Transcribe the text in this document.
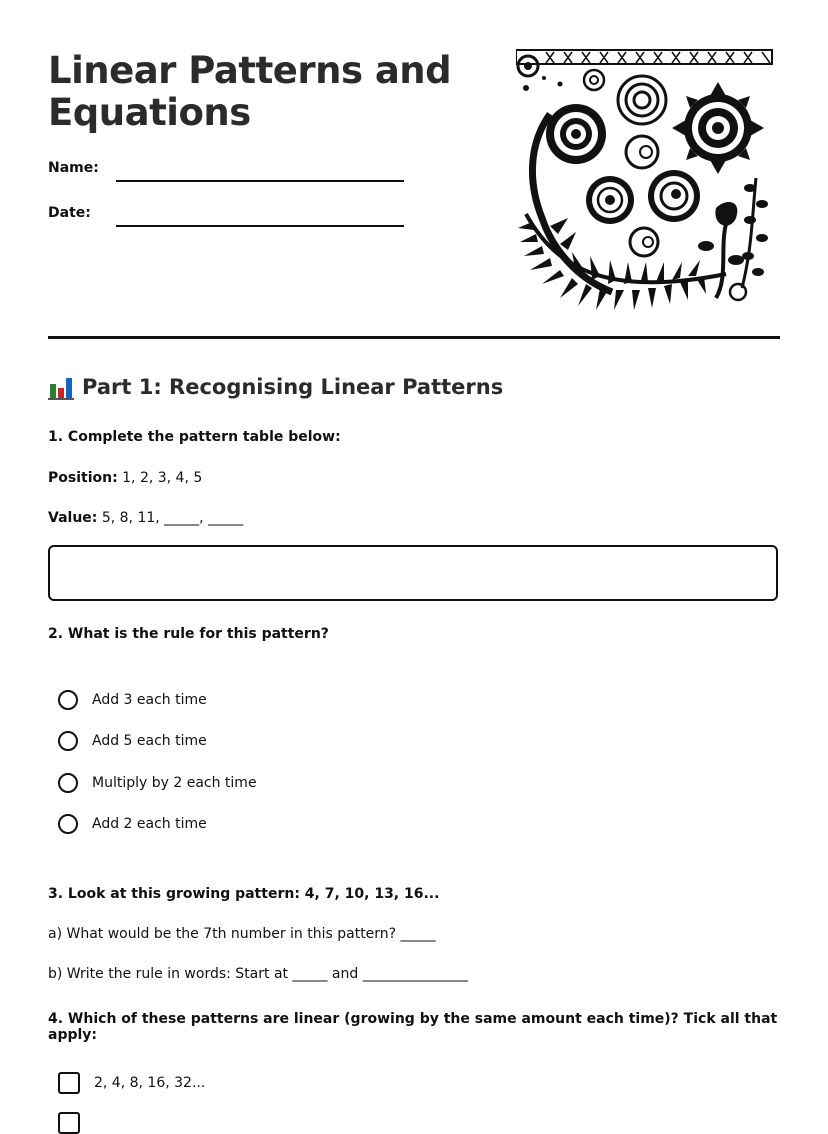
Linear Patterns and Equations
Name:
Date:
Part 1: Recognising Linear Patterns
1. Complete the pattern table below:
Position: 1, 2, 3, 4, 5
Value: 5, 8, 11, _____, _____
2. What is the rule for this pattern?
Add 3 each time
Add 5 each time
Multiply by 2 each time
Add 2 each time
3. Look at this growing pattern: 4, 7, 10, 13, 16...
a) What would be the 7th number in this pattern? _____
b) Write the rule in words: Start at _____ and _______________
4. Which of these patterns are linear (growing by the same amount each time)? Tick all that apply:
2, 4, 8, 16, 32...
